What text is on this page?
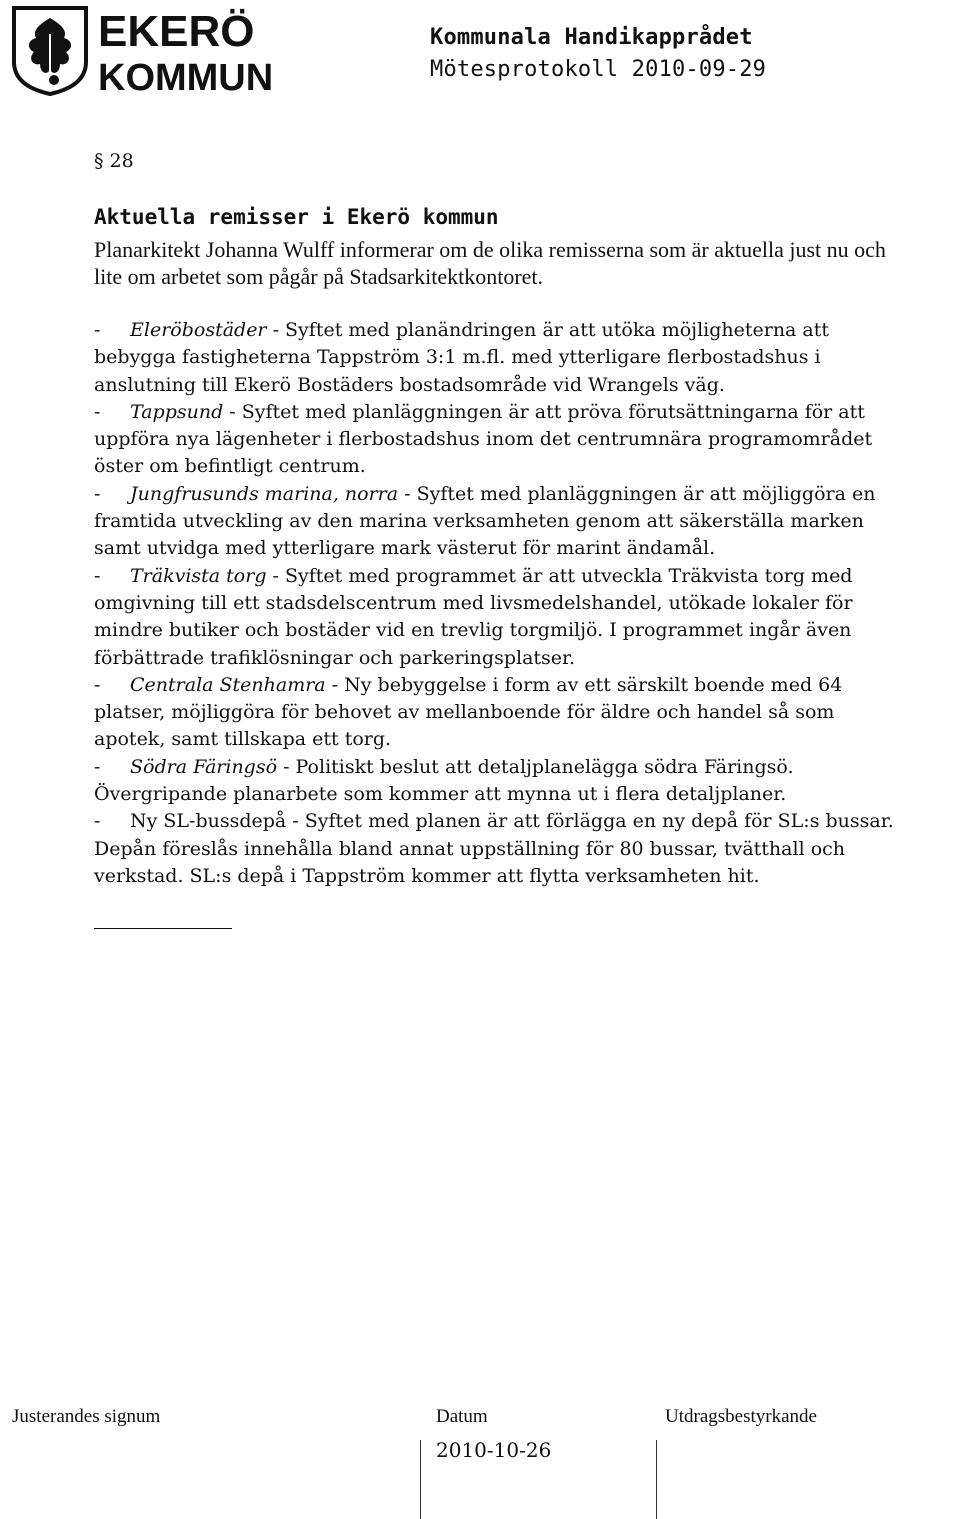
EKERÖ
KOMMUN
Kommunala Handikapprådet
Mötesprotokoll 2010-09-29
§ 28
Aktuella remisser i Ekerö kommun
Planarkitekt Johanna Wulff informerar om de olika remisserna som är aktuella just nu och lite om arbetet som pågår på Stadsarkitektkontoret.
- Eleröbostäder - Syftet med planändringen är att utöka möjligheterna att bebygga fastigheterna Tappström 3:1 m.fl. med ytterligare flerbostadshus i anslutning till Ekerö Bostäders bostadsområde vid Wrangels väg.
- Tappsund - Syftet med planläggningen är att pröva förutsättningarna för att uppföra nya lägenheter i flerbostadshus inom det centrumnära programområdet öster om befintligt centrum.
- Jungfrusunds marina, norra - Syftet med planläggningen är att möjliggöra en framtida utveckling av den marina verksamheten genom att säkerställa marken samt utvidga med ytterligare mark västerut för marint ändamål.
- Träkvista torg - Syftet med programmet är att utveckla Träkvista torg med omgivning till ett stadsdelscentrum med livsmedelshandel, utökade lokaler för mindre butiker och bostäder vid en trevlig torgmiljö. I programmet ingår även förbättrade trafiklösningar och parkeringsplatser.
- Centrala Stenhamra - Ny bebyggelse i form av ett särskilt boende med 64 platser, möjliggöra för behovet av mellanboende för äldre och handel så som apotek, samt tillskapa ett torg.
- Södra Färingsö - Politiskt beslut att detaljplanelägga södra Färingsö. Övergripande planarbete som kommer att mynna ut i flera detaljplaner.
- Ny SL-bussdepå - Syftet med planen är att förlägga en ny depå för SL:s bussar. Depån föreslås innehålla bland annat uppställning för 80 bussar, tvätthall och verkstad. SL:s depå i Tappström kommer att flytta verksamheten hit.
Justerandes signum	Datum	Utdragsbestyrkande
2010-10-26
